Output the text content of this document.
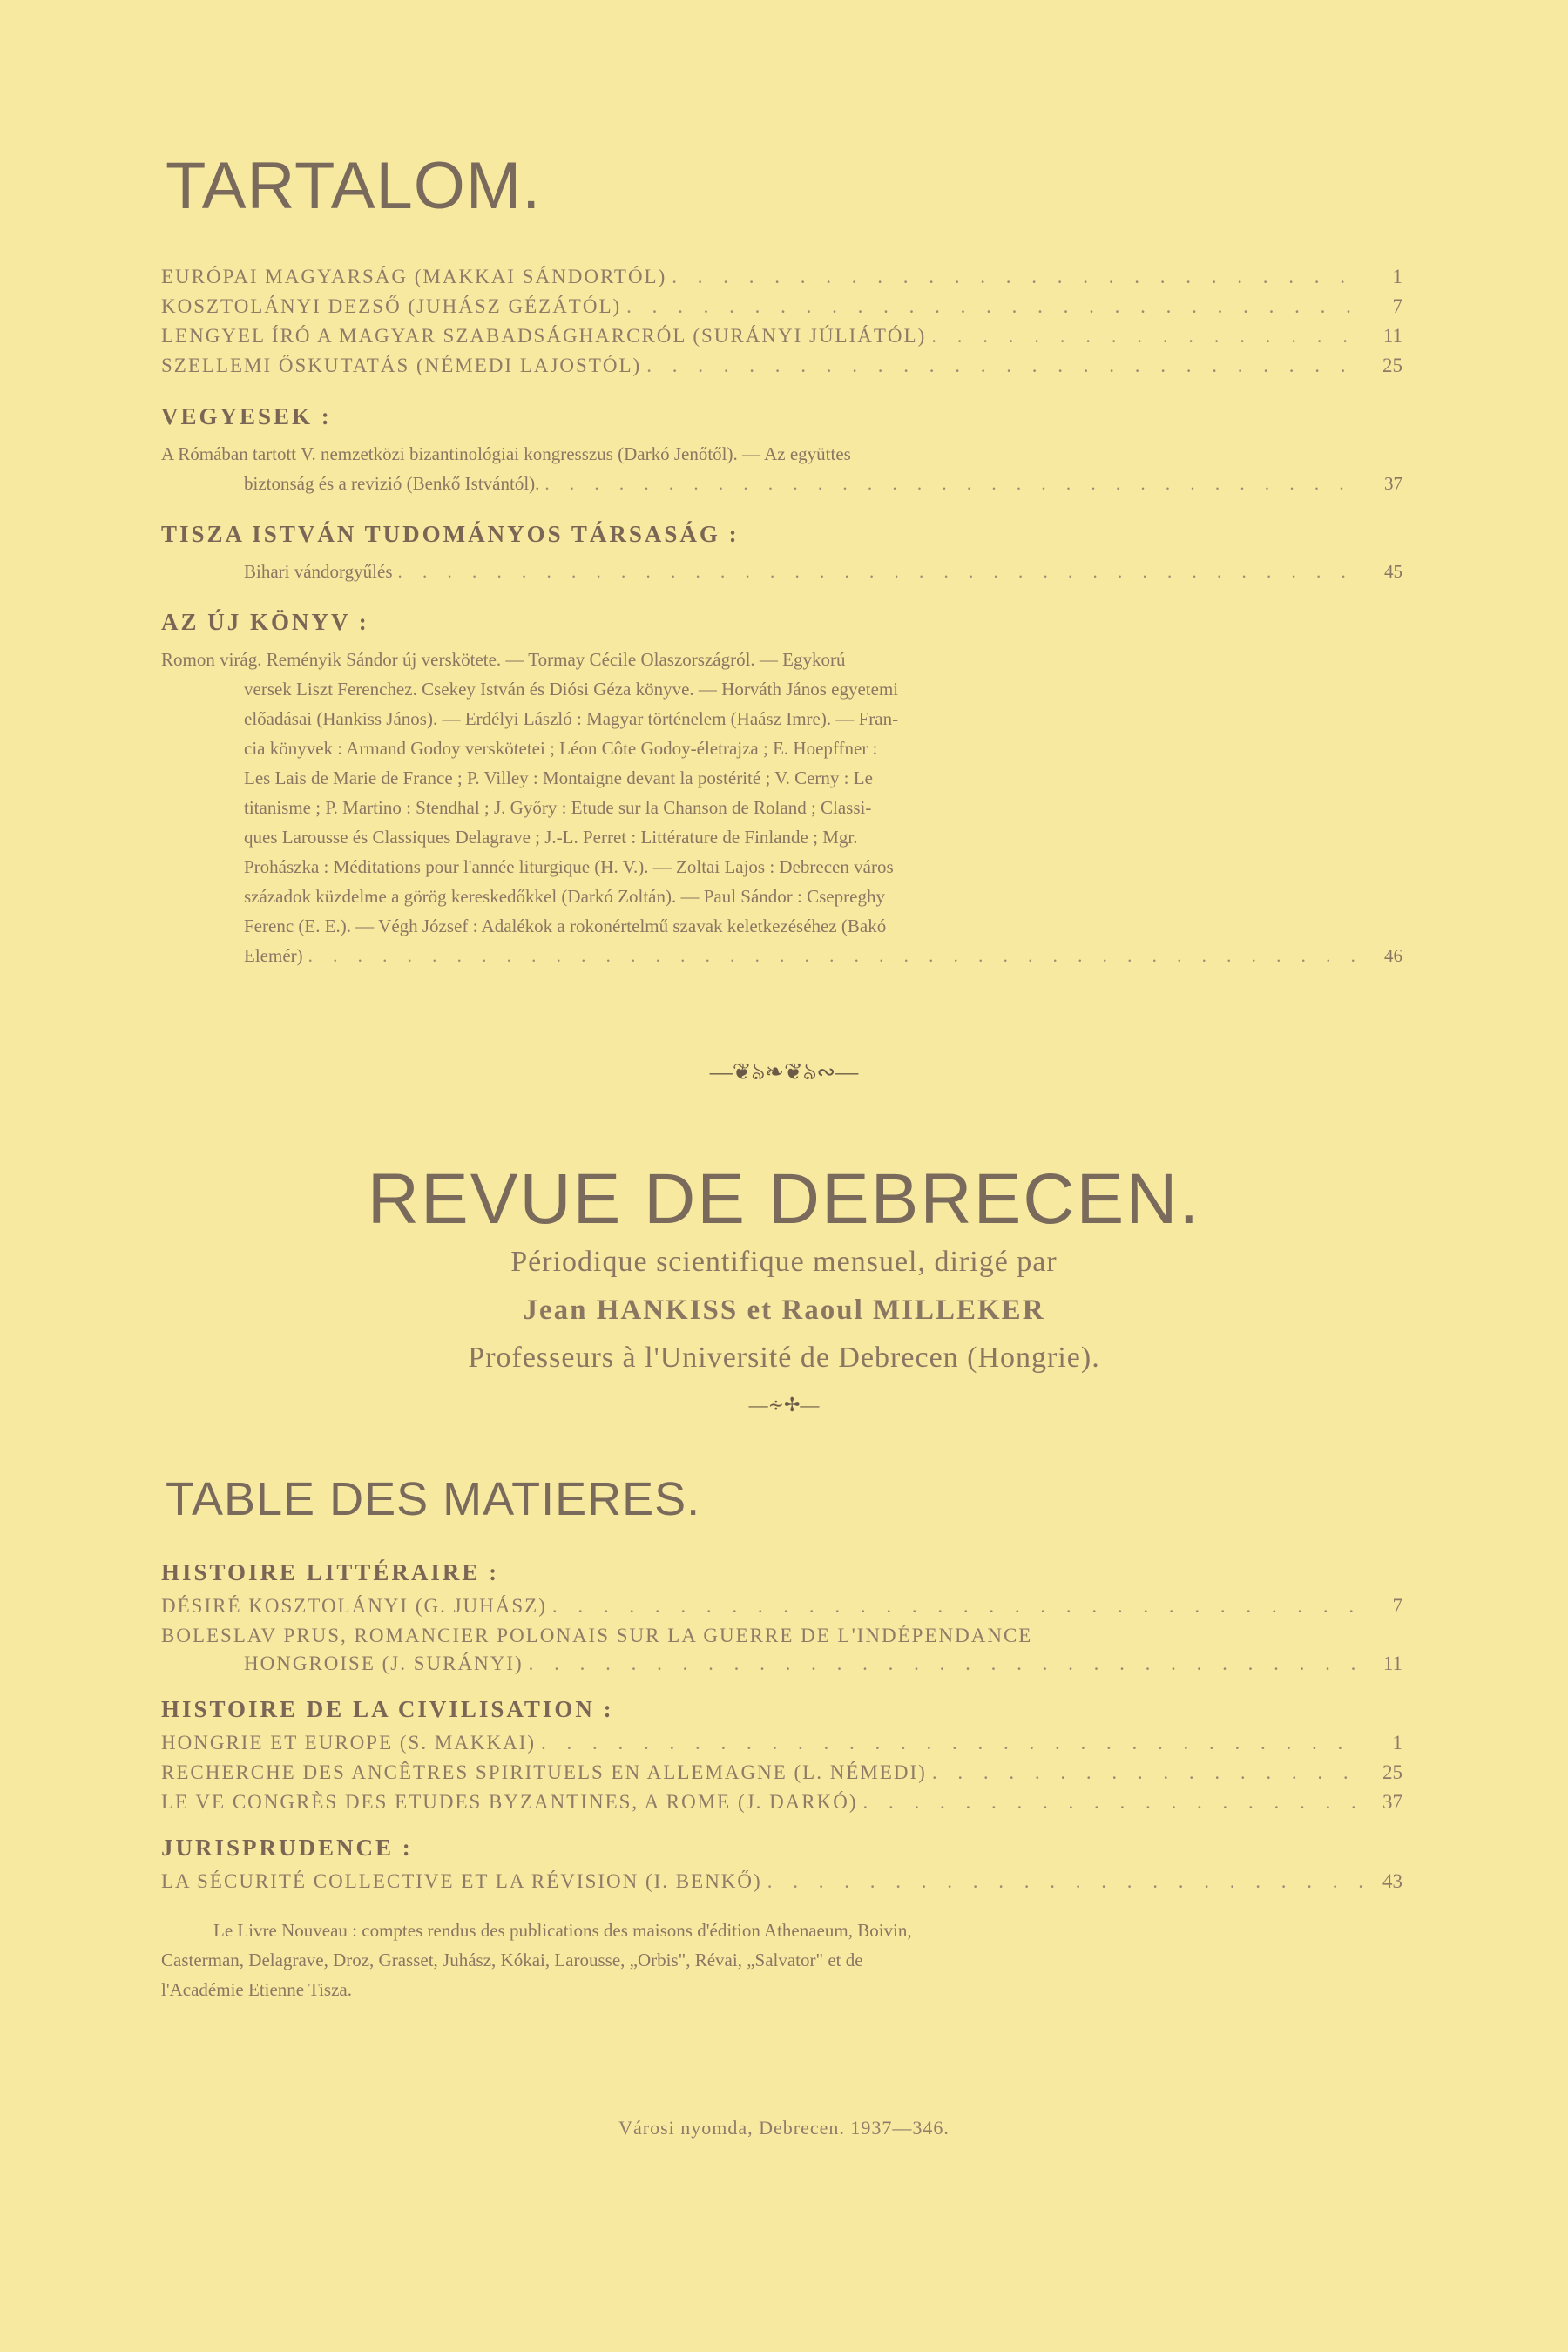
TARTALOM.
EURÓPAI MAGYARSÁG (MAKKAI SÁNDORTÓL) . . .	1
KOSZTOLÁNYI DEZSŐ (JUHÁSZ GÉZÁTÓL) . . .	7
LENGYEL ÍRÓ A MAGYAR SZABADSÁGHARCRÓL (SURÁNYI JÚLIÁTÓL) . . .	11
SZELLEMI ŐSKUTATÁS (NÉMEDI LAJOSTÓL) . . .	25
VEGYESEK :
A Rómában tartott V. nemzetközi bizantinológiai kongresszus (Darkó Jenőtől). — Az együttes
biztonság és a revizió (Benkő Istvántól). . . .	37
TISZA ISTVÁN TUDOMÁNYOS TÁRSASÁG :
Bihari vándorgyűlés . . .	45
AZ ÚJ KÖNYV :
Romon virág. Reményik Sándor új verskötete. — Tormay Cécile Olaszországról. — Egykorú
versek Liszt Ferenchez. Csekey István és Diósi Géza könyve. — Horváth János egyetemi
előadásai (Hankiss János). — Erdélyi László : Magyar történelem (Haász Imre). — Fran-
cia könyvek : Armand Godoy verskötetei ; Léon Côte Godoy-életrajza ; E. Hoepffner :
Les Lais de Marie de France ; P. Villey : Montaigne devant la postérité ; V. Cerny : Le
titanisme ; P. Martino : Stendhal ; J. Győry : Etude sur la Chanson de Roland ; Classi-
ques Larousse és Classiques Delagrave ; J.-L. Perret : Littérature de Finlande ; Mgr.
Prohászka : Méditations pour l'année liturgique (H. V.). — Zoltai Lajos : Debrecen város
századok küzdelme a görög kereskedőkkel (Darkó Zoltán). — Paul Sándor : Csepreghy
Ferenc (E. E.). — Végh József : Adalékok a rokonértelmű szavak keletkezéséhez (Bakó
Elemér) . . .	46
—❦ঌ❧❦ঌ∾—
REVUE DE DEBRECEN.
Périodique scientifique mensuel, dirigé par
Jean HANKISS et Raoul MILLEKER
Professeurs à l'Université de Debrecen (Hongrie).
—∻✢—
TABLE DES MATIERES.
HISTOIRE LITTÉRAIRE :
DÉSIRÉ KOSZTOLÁNYI (G. JUHÁSZ) . . .	7
BOLESLAV PRUS, ROMANCIER POLONAIS SUR LA GUERRE DE L'INDÉPENDANCE
HONGROISE (J. SURÁNYI) . . .	11
HISTOIRE DE LA CIVILISATION :
HONGRIE ET EUROPE (S. MAKKAI) . . .	1
RECHERCHE DES ANCÊTRES SPIRITUELS EN ALLEMAGNE (L. NÉMEDI) . . .	25
LE VE CONGRÈS DES ETUDES BYZANTINES, A ROME (J. DARKÓ) . . .	37
JURISPRUDENCE :
LA SÉCURITÉ COLLECTIVE ET LA RÉVISION (I. BENKŐ) . . .	43
Le Livre Nouveau : comptes rendus des publications des maisons d'édition Athenaeum, Boivin,
Casterman, Delagrave, Droz, Grasset, Juhász, Kókai, Larousse, „Orbis", Révai, „Salvator" et de
l'Académie Etienne Tisza.
Városi nyomda, Debrecen. 1937—346.
